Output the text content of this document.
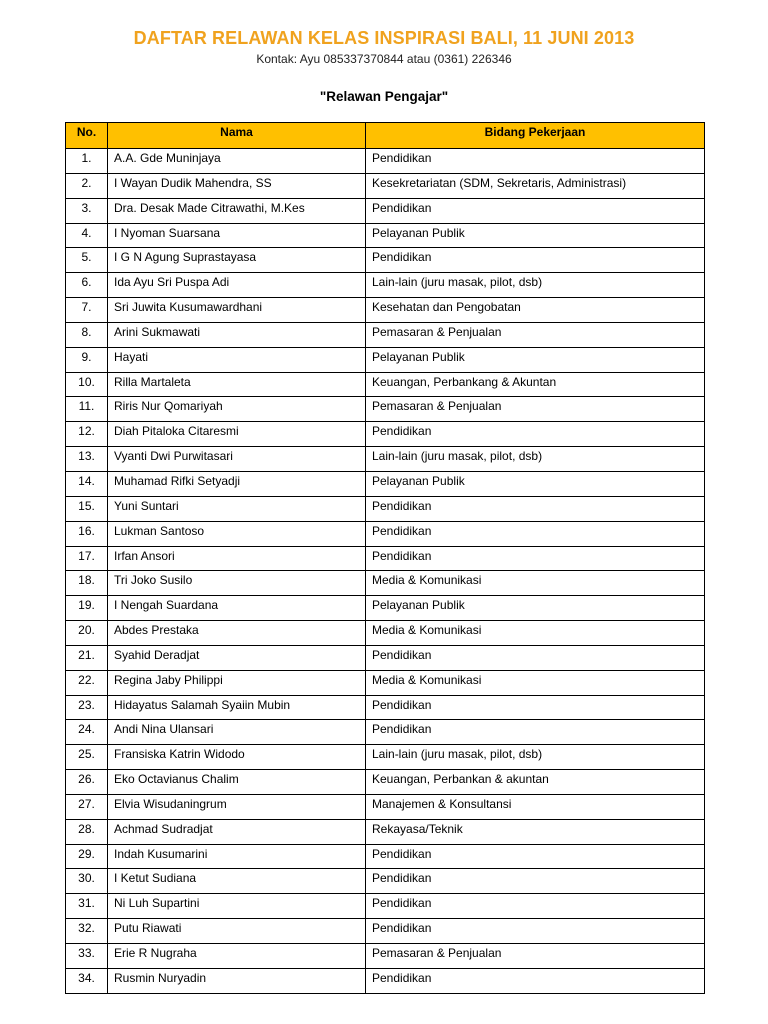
DAFTAR RELAWAN KELAS INSPIRASI BALI, 11 JUNI 2013
Kontak: Ayu 085337370844 atau (0361) 226346
"Relawan Pengajar"
No.	Nama	Bidang Pekerjaan
1.	A.A. Gde Muninjaya	Pendidikan
2.	I Wayan Dudik Mahendra, SS	Kesekretariatan (SDM, Sekretaris, Administrasi)
3.	Dra. Desak Made Citrawathi, M.Kes	Pendidikan
4.	I Nyoman Suarsana	Pelayanan Publik
5.	I G N Agung Suprastayasa	Pendidikan
6.	Ida Ayu Sri Puspa Adi	Lain-lain (juru masak, pilot, dsb)
7.	Sri Juwita Kusumawardhani	Kesehatan dan Pengobatan
8.	Arini Sukmawati	Pemasaran & Penjualan
9.	Hayati	Pelayanan Publik
10.	Rilla Martaleta	Keuangan, Perbankang & Akuntan
11.	Riris Nur Qomariyah	Pemasaran & Penjualan
12.	Diah Pitaloka Citaresmi	Pendidikan
13.	Vyanti Dwi Purwitasari	Lain-lain (juru masak, pilot, dsb)
14.	Muhamad Rifki Setyadji	Pelayanan Publik
15.	Yuni Suntari	Pendidikan
16.	Lukman Santoso	Pendidikan
17.	Irfan Ansori	Pendidikan
18.	Tri Joko Susilo	Media & Komunikasi
19.	I Nengah Suardana	Pelayanan Publik
20.	Abdes Prestaka	Media & Komunikasi
21.	Syahid Deradjat	Pendidikan
22.	Regina Jaby Philippi	Media & Komunikasi
23.	Hidayatus Salamah Syaiin Mubin	Pendidikan
24.	Andi Nina Ulansari	Pendidikan
25.	Fransiska Katrin Widodo	Lain-lain (juru masak, pilot, dsb)
26.	Eko Octavianus Chalim	Keuangan, Perbankan & akuntan
27.	Elvia Wisudaningrum	Manajemen & Konsultansi
28.	Achmad Sudradjat	Rekayasa/Teknik
29.	Indah Kusumarini	Pendidikan
30.	I Ketut Sudiana	Pendidikan
31.	Ni Luh Supartini	Pendidikan
32.	Putu Riawati	Pendidikan
33.	Erie R Nugraha	Pemasaran & Penjualan
34.	Rusmin Nuryadin	Pendidikan
